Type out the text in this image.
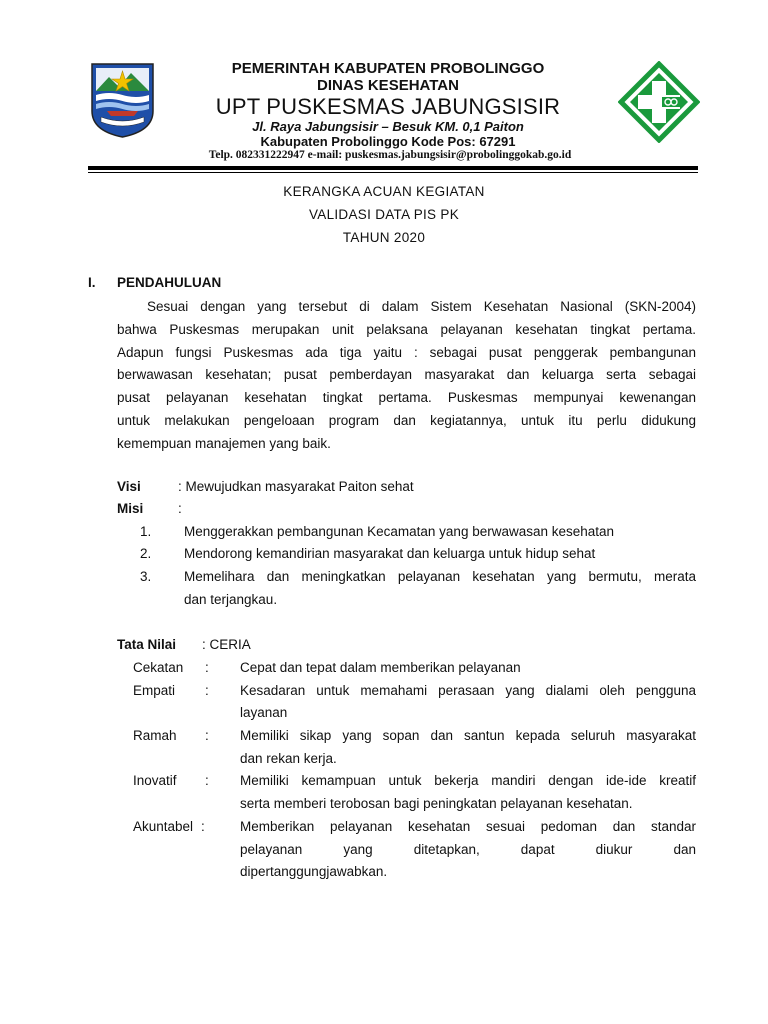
PEMERINTAH KABUPATEN PROBOLINGGO
DINAS KESEHATAN
UPT PUSKESMAS JABUNGSISIR
Jl. Raya Jabungsisir – Besuk KM. 0,1 Paiton
Kabupaten Probolinggo Kode Pos: 67291
Telp. 082331222947 e-mail: puskesmas.jabungsisir@probolinggokab.go.id
KERANGKA ACUAN KEGIATAN
VALIDASI DATA PIS PK
TAHUN 2020
I. PENDAHULUAN
Sesuai dengan yang tersebut di dalam Sistem Kesehatan Nasional (SKN-2004)
bahwa Puskesmas merupakan unit pelaksana pelayanan kesehatan tingkat pertama.
Adapun fungsi Puskesmas ada tiga yaitu : sebagai pusat penggerak pembangunan
berwawasan kesehatan; pusat pemberdayan masyarakat dan keluarga serta sebagai
pusat pelayanan kesehatan tingkat pertama. Puskesmas mempunyai kewenangan
untuk melakukan pengeloaan program dan kegiatannya, untuk itu perlu didukung
kemempuan manajemen yang baik.
Visi	: Mewujudkan masyarakat Paiton sehat
Misi	:
1. Menggerakkan pembangunan Kecamatan yang berwawasan kesehatan
2. Mendorong kemandirian masyarakat dan keluarga untuk hidup sehat
3. Memelihara dan meningkatkan pelayanan kesehatan yang bermutu, merata
dan terjangkau.
Tata Nilai : CERIA
Cekatan : Cepat dan tepat dalam memberikan pelayanan
Empati : Kesadaran untuk memahami perasaan yang dialami oleh pengguna
layanan
Ramah : Memiliki sikap yang sopan dan santun kepada seluruh masyarakat
dan rekan kerja.
Inovatif : Memiliki kemampuan untuk bekerja mandiri dengan ide-ide kreatif
serta memberi terobosan bagi peningkatan pelayanan kesehatan.
Akuntabel :	Memberikan pelayanan kesehatan sesuai pedoman dan standar
pelayanan yang ditetapkan, dapat diukur dan
dipertanggungjawabkan.
